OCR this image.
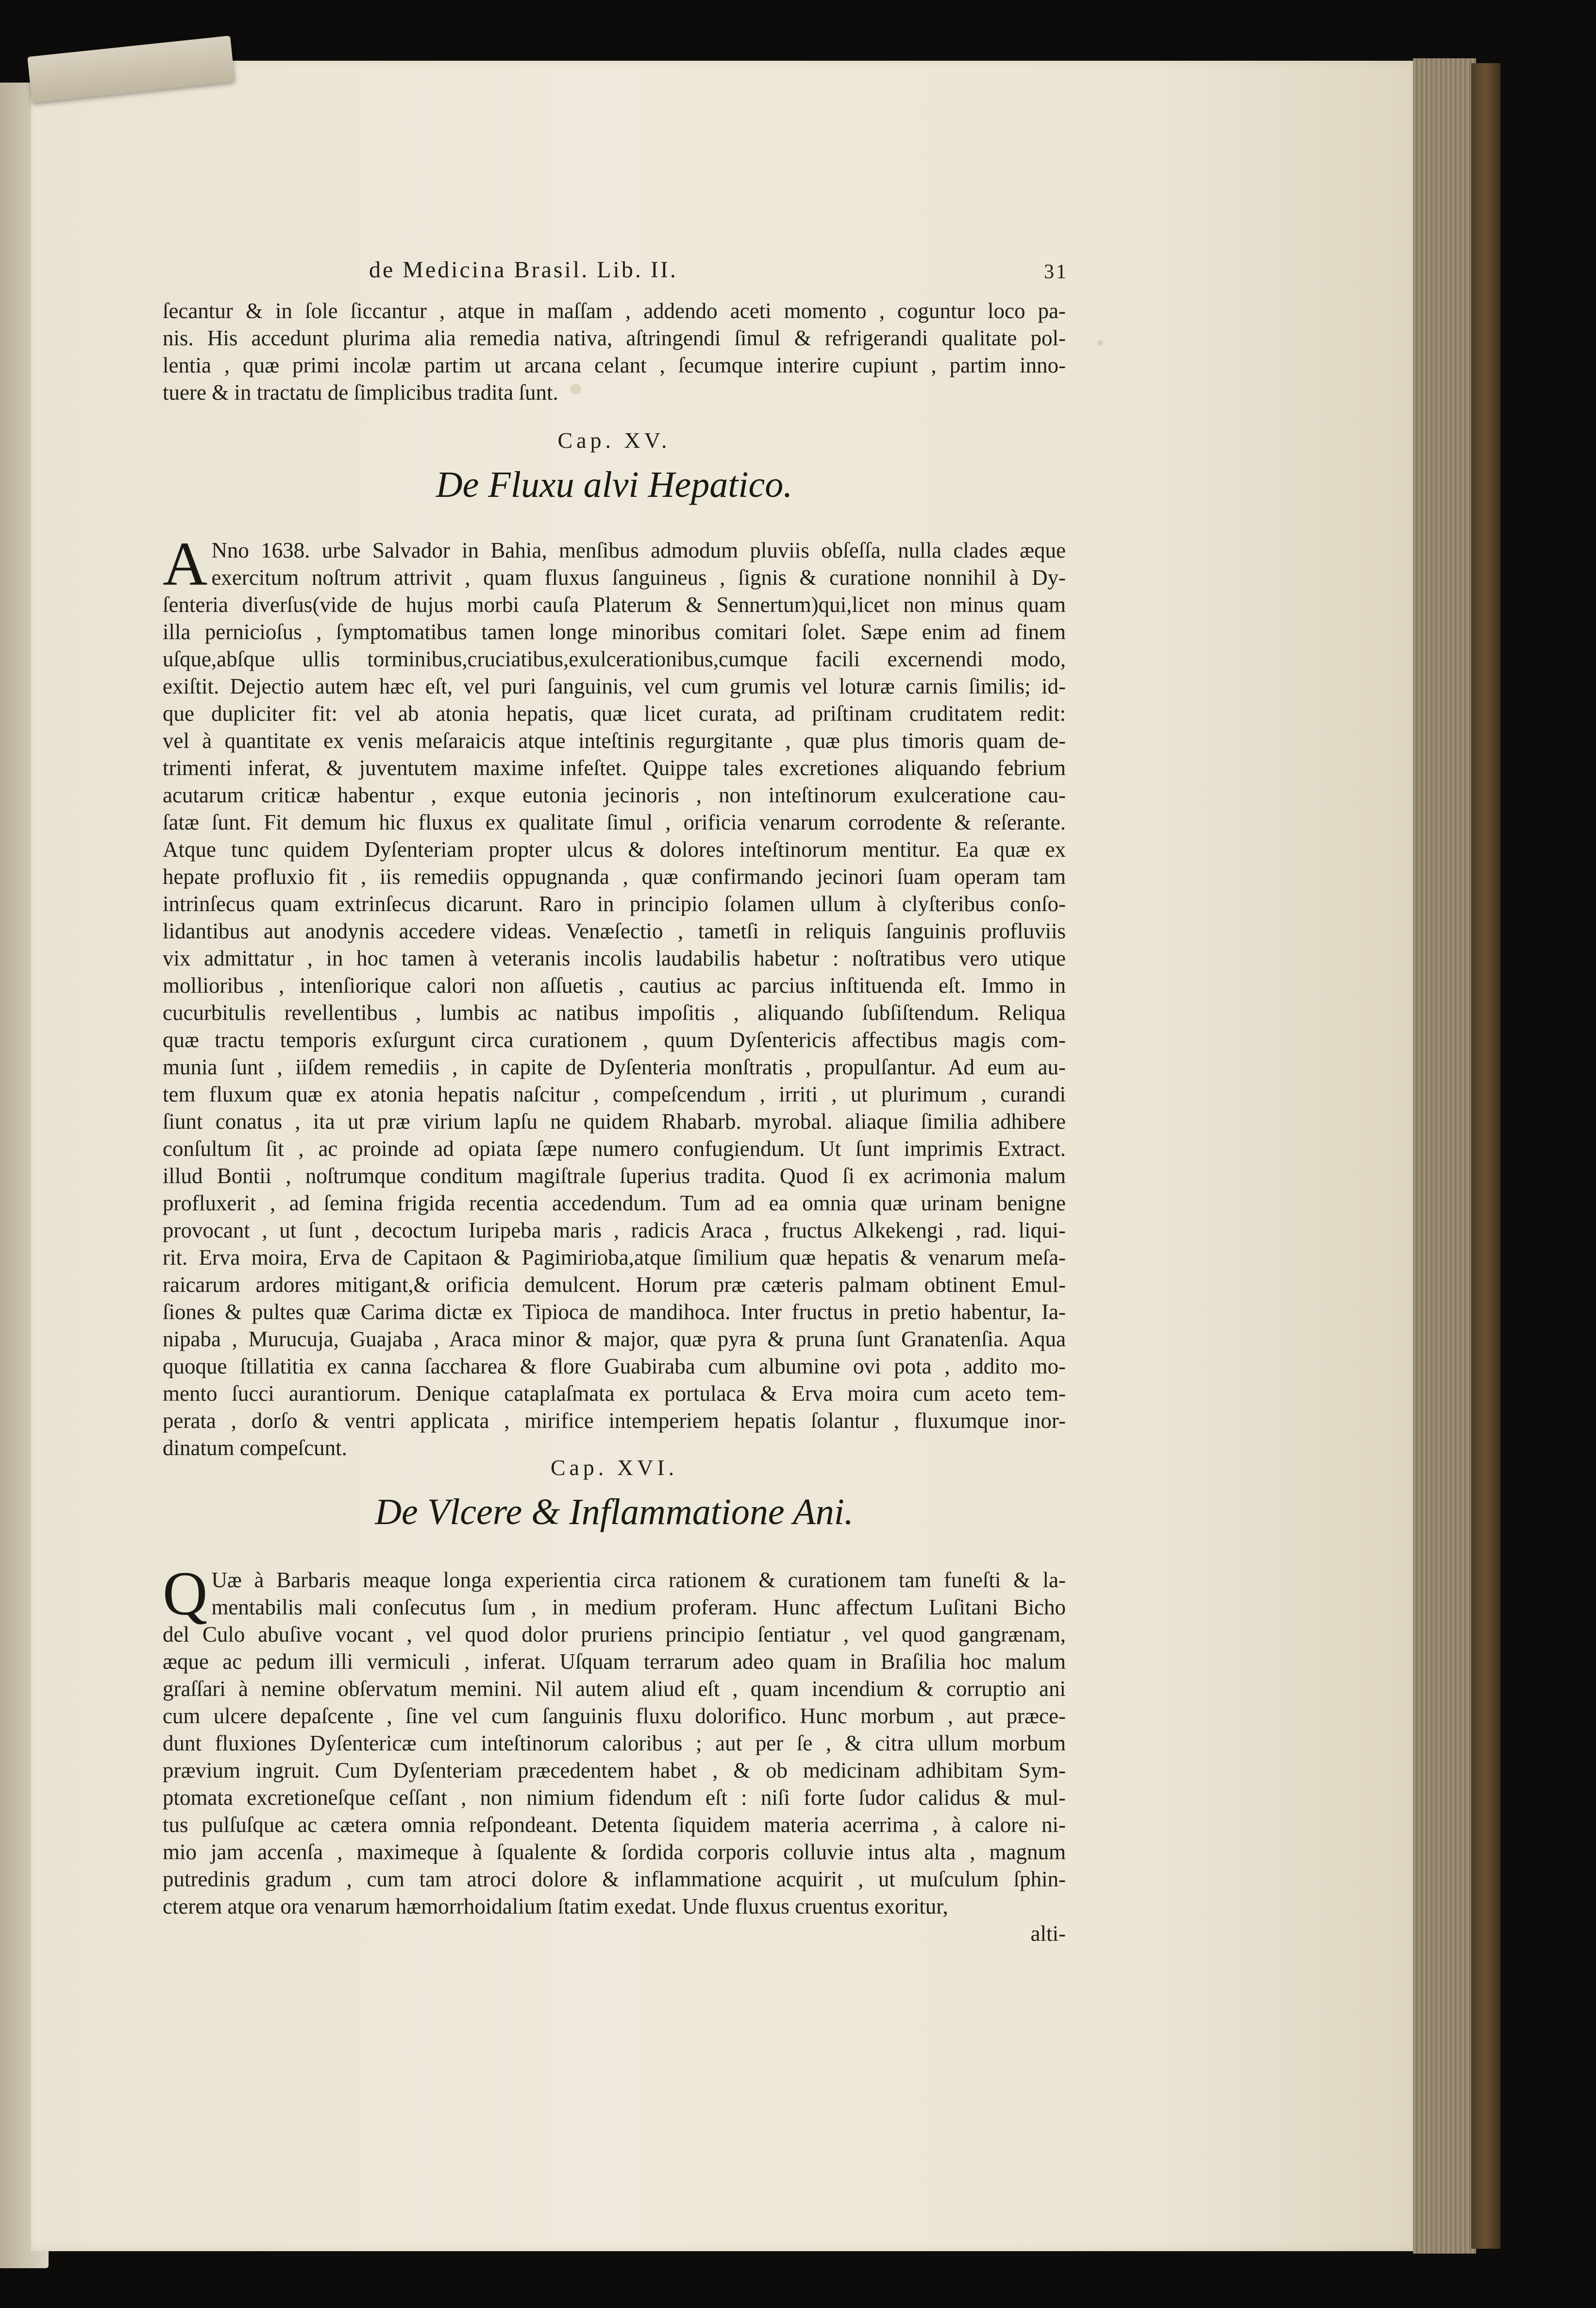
de Medicina Brasil. Lib. II.	31

ſecantur & in ſole ſiccantur , atque in maſſam , addendo aceti momento , coguntur loco pa-
nis. His accedunt plurima alia remedia nativa, aſtringendi ſimul & refrigerandi qualitate pol-
lentia , quæ primi incolæ partim ut arcana celant , ſecumque interire cupiunt , partim inno-
tuere & in tractatu de ſimplicibus tradita ſunt.

Cap. XV.
De Fluxu alvi Hepatico.

A Nno 1638. urbe Salvador in Bahia, menſibus admodum pluviis obſeſſa, nulla clades æque
exercitum noſtrum attrivit , quam fluxus ſanguineus , ſignis & curatione nonnihil à Dy-
ſenteria diverſus(vide de hujus morbi cauſa Platerum & Sennertum)qui,licet non minus quam
illa pernicioſus , ſymptomatibus tamen longe minoribus comitari ſolet. Sæpe enim ad finem
uſque,abſque ullis torminibus,cruciatibus,exulcerationibus,cumque facili excernendi modo,
exiſtit. Dejectio autem hæc eſt, vel puri ſanguinis, vel cum grumis vel loturæ carnis ſimilis; id-
que dupliciter fit: vel ab atonia hepatis, quæ licet curata, ad priſtinam cruditatem redit:
vel à quantitate ex venis meſaraicis atque inteſtinis regurgitante , quæ plus timoris quam de-
trimenti inferat, & juventutem maxime infeſtet. Quippe tales excretiones aliquando febrium
acutarum criticæ habentur , exque eutonia jecinoris , non inteſtinorum exulceratione cau-
ſatæ ſunt. Fit demum hic fluxus ex qualitate ſimul , orificia venarum corrodente & reſerante.
Atque tunc quidem Dyſenteriam propter ulcus & dolores inteſtinorum mentitur. Ea quæ ex
hepate profluxio fit , iis remediis oppugnanda , quæ confirmando jecinori ſuam operam tam
intrinſecus quam extrinſecus dicarunt. Raro in principio ſolamen ullum à clyſteribus conſo-
lidantibus aut anodynis accedere videas. Venæſectio , tametſi in reliquis ſanguinis profluviis
vix admittatur , in hoc tamen à veteranis incolis laudabilis habetur : noſtratibus vero utique
mollioribus , intenſiorique calori non aſſuetis , cautius ac parcius inſtituenda eſt. Immo in
cucurbitulis revellentibus , lumbis ac natibus impoſitis , aliquando ſubſiſtendum. Reliqua
quæ tractu temporis exſurgunt circa curationem , quum Dyſentericis affectibus magis com-
munia ſunt , iiſdem remediis , in capite de Dyſenteria monſtratis , propulſantur. Ad eum au-
tem fluxum quæ ex atonia hepatis naſcitur , compeſcendum , irriti , ut plurimum , curandi
ſiunt conatus , ita ut præ virium lapſu ne quidem Rhabarb. myrobal. aliaque ſimilia adhibere
conſultum ſit , ac proinde ad opiata ſæpe numero confugiendum. Ut ſunt imprimis Extract.
illud Bontii , noſtrumque conditum magiſtrale ſuperius tradita. Quod ſi ex acrimonia malum
profluxerit , ad ſemina frigida recentia accedendum. Tum ad ea omnia quæ urinam benigne
provocant , ut ſunt , decoctum Iuripeba maris , radicis Araca , fructus Alkekengi , rad. liqui-
rit. Erva moira, Erva de Capitaon & Pagimirioba,atque ſimilium quæ hepatis & venarum meſa-
raicarum ardores mitigant,& orificia demulcent. Horum præ cæteris palmam obtinent Emul-
ſiones & pultes quæ Carima dictæ ex Tipioca de mandihoca. Inter fructus in pretio habentur, Ia-
nipaba , Murucuja, Guajaba , Araca minor & major, quæ pyra & pruna ſunt Granatenſia. Aqua
quoque ſtillatitia ex canna ſaccharea & flore Guabiraba cum albumine ovi pota , addito mo-
mento ſucci aurantiorum. Denique cataplaſmata ex portulaca & Erva moira cum aceto tem-
perata , dorſo & ventri applicata , mirifice intemperiem hepatis ſolantur , fluxumque inor-
dinatum compeſcunt.

Cap. XVI.
De Vlcere & Inflammatione Ani.

Q Uæ à Barbaris meaque longa experientia circa rationem & curationem tam funeſti & la-
mentabilis mali conſecutus ſum , in medium proferam. Hunc affectum Luſitani Bicho
del Culo abuſive vocant , vel quod dolor pruriens principio ſentiatur , vel quod gangrænam,
æque ac pedum illi vermiculi , inferat. Uſquam terrarum adeo quam in Braſilia hoc malum
graſſari à nemine obſervatum memini. Nil autem aliud eſt , quam incendium & corruptio ani
cum ulcere depaſcente , ſine vel cum ſanguinis fluxu dolorifico. Hunc morbum , aut præce-
dunt fluxiones Dyſentericæ cum inteſtinorum caloribus ; aut per ſe , & citra ullum morbum
prævium ingruit. Cum Dyſenteriam præcedentem habet , & ob medicinam adhibitam Sym-
ptomata excretioneſque ceſſant , non nimium fidendum eſt : niſi forte ſudor calidus & mul-
tus pulſuſque ac cætera omnia reſpondeant. Detenta ſiquidem materia acerrima , à calore ni-
mio jam accenſa , maximeque à ſqualente & ſordida corporis colluvie intus alta , magnum
putredinis gradum , cum tam atroci dolore & inflammatione acquirit , ut muſculum ſphin-
cterem atque ora venarum hæmorrhoidalium ſtatim exedat. Unde fluxus cruentus exoritur,

alti-
